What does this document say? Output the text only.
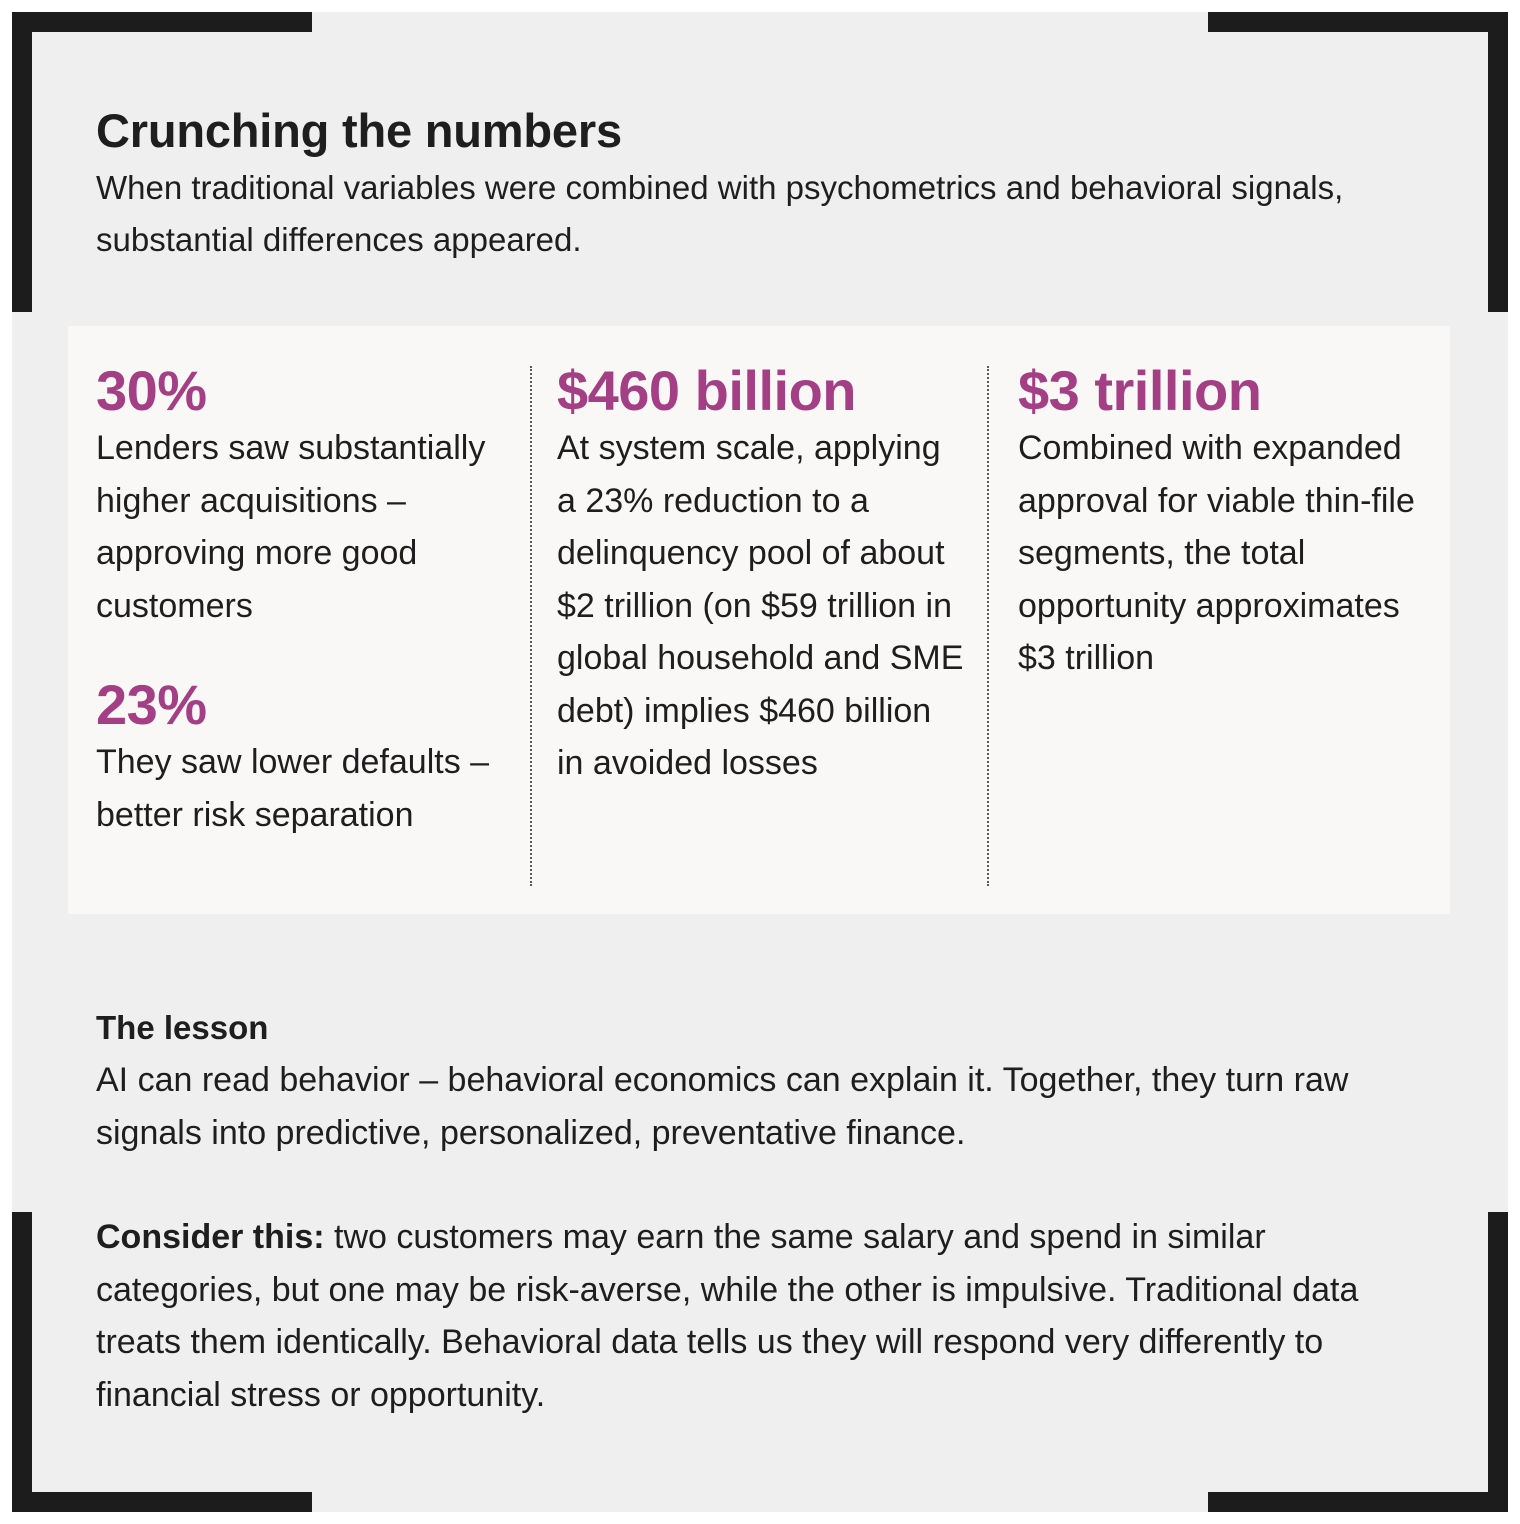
Crunching the numbers

When traditional variables were combined with psychometrics and behavioral signals, substantial differences appeared.

30%

Lenders saw substantially higher acquisitions – approving more good customers

23%

They saw lower defaults – better risk separation

$460 billion

At system scale, applying a 23% reduction to a delinquency pool of about $2 trillion (on $59 trillion in global household and SME debt) implies $460 billion in avoided losses

$3 trillion

Combined with expanded approval for viable thin-file segments, the total opportunity approximates $3 trillion

The lesson

AI can read behavior – behavioral economics can explain it. Together, they turn raw signals into predictive, personalized, preventative finance.

Consider this: two customers may earn the same salary and spend in similar categories, but one may be risk-averse, while the other is impulsive. Traditional data treats them identically. Behavioral data tells us they will respond very differently to financial stress or opportunity.
